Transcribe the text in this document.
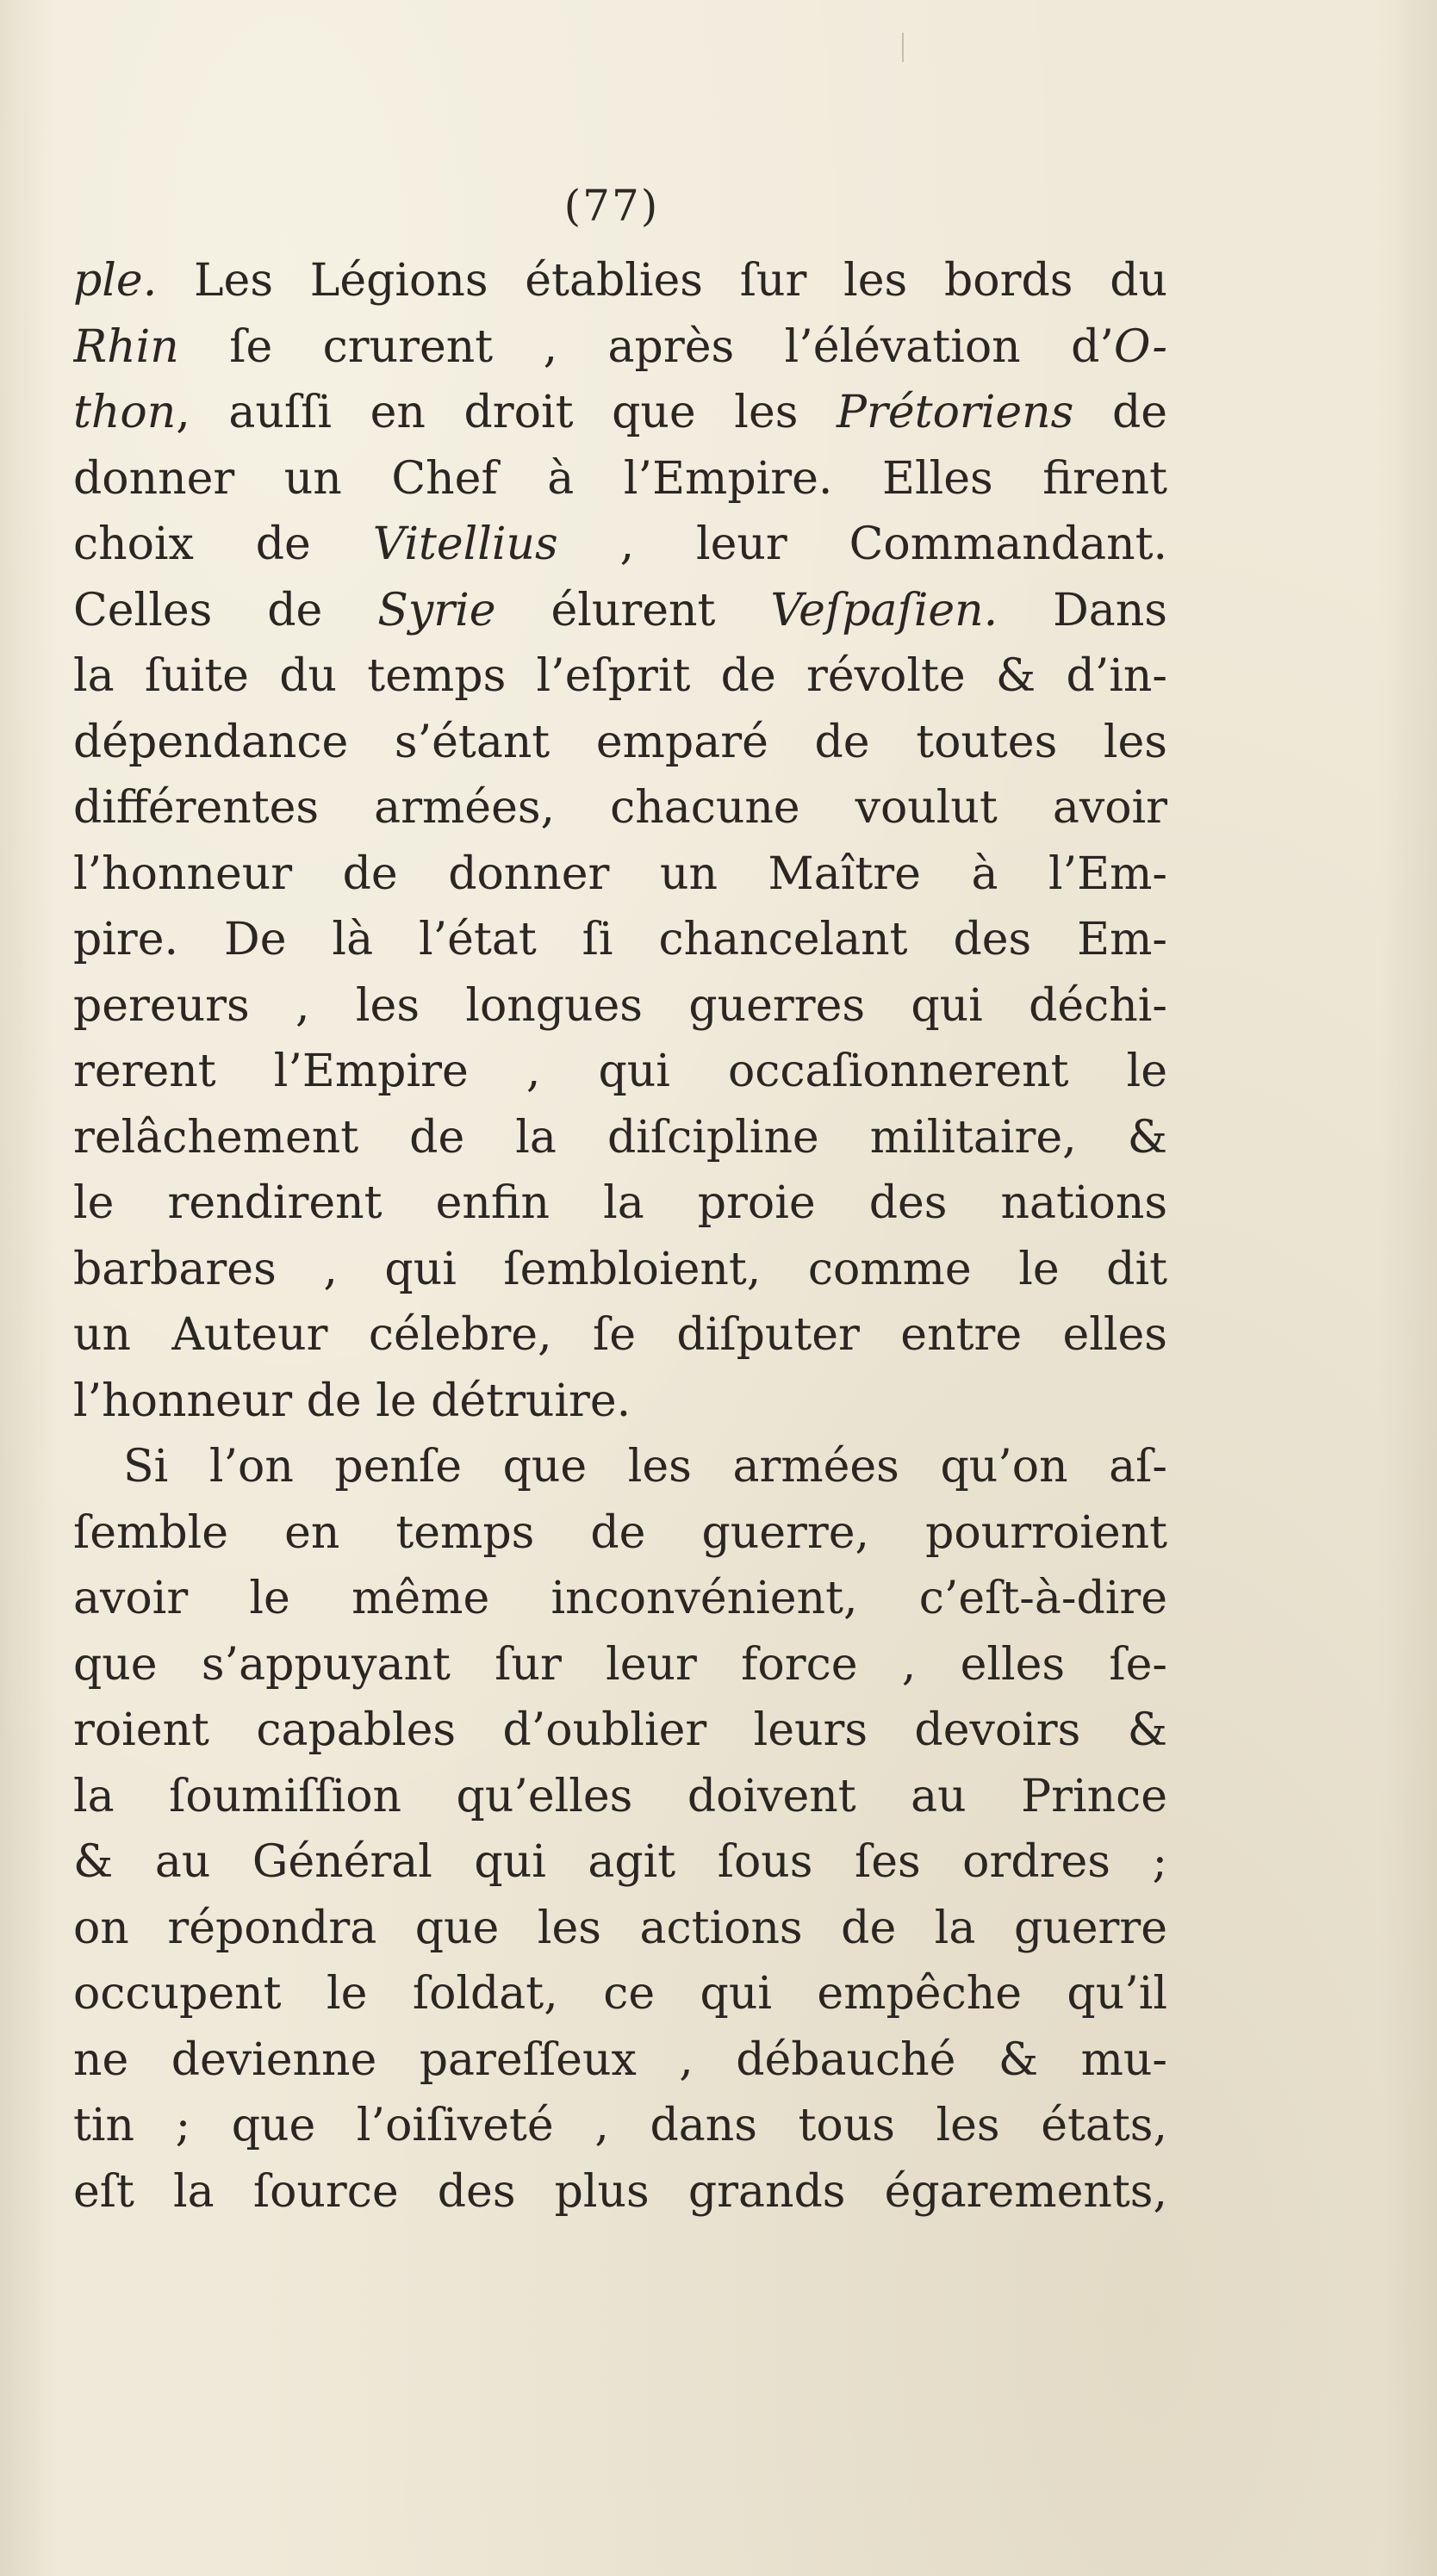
(77)
ple. Les Légions établies ſur les bords du
Rhin ſe crurent , après l’élévation d’O-
thon, auſſi en droit que les Prétoriens de
donner un Chef à l’Empire. Elles firent
choix de Vitellius , leur Commandant.
Celles de Syrie élurent Veſpaſien. Dans
la ſuite du temps l’eſprit de révolte & d’in-
dépendance s’étant emparé de toutes les
différentes armées, chacune voulut avoir
l’honneur de donner un Maître à l’Em-
pire. De là l’état ſi chancelant des Em-
pereurs , les longues guerres qui déchi-
rerent l’Empire , qui occaſionnerent le
relâchement de la diſcipline militaire, &
le rendirent enfin la proie des nations
barbares , qui ſembloient, comme le dit
un Auteur célebre, ſe diſputer entre elles
l’honneur de le détruire.
Si l’on penſe que les armées qu’on aſ-
ſemble en temps de guerre, pourroient
avoir le même inconvénient, c’eſt-à-dire
que s’appuyant ſur leur force , elles ſe-
roient capables d’oublier leurs devoirs &
la ſoumiſſion qu’elles doivent au Prince
& au Général qui agit ſous ſes ordres ;
on répondra que les actions de la guerre
occupent le ſoldat, ce qui empêche qu’il
ne devienne pareſſeux , débauché & mu-
tin ; que l’oiſiveté , dans tous les états,
eſt la ſource des plus grands égarements,
